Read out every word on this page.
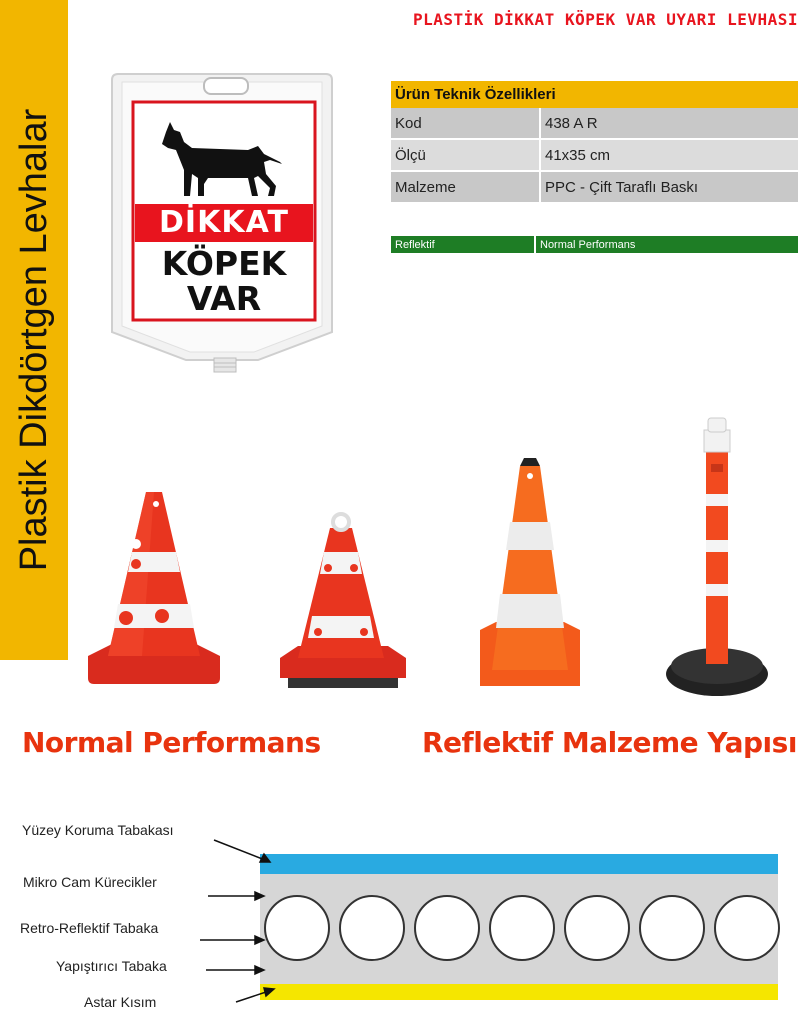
Plastik Dikdörtgen Levhalar
PLASTİK DİKKAT KÖPEK VAR UYARI LEVHASI
DİKKAT
KÖPEK
VAR
Ürün Teknik Özellikleri	
Kod	438 A R
Ölçü	41x35 cm
Malzeme	PPC - Çift Taraflı Baskı
Reflektif	Normal Performans
Normal Performans	Reflektif Malzeme Yapısı
Yüzey Koruma Tabakası
Mikro Cam Kürecikler
Retro-Reflektif Tabaka
Yapıştırıcı Tabaka
Astar Kısım
